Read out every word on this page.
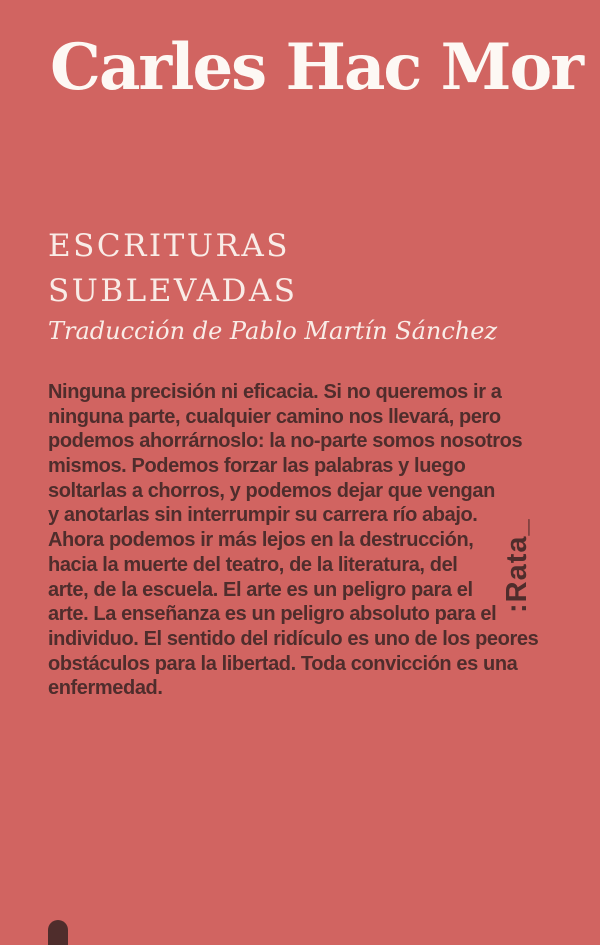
Carles Hac Mor
ESCRITURAS
SUBLEVADAS
Traducción de Pablo Martín Sánchez
Ninguna precisión ni eficacia. Si no queremos ir a
ninguna parte, cualquier camino nos llevará, pero
podemos ahorrárnoslo: la no-parte somos nosotros
mismos. Podemos forzar las palabras y luego
soltarlas a chorros, y podemos dejar que vengan
y anotarlas sin interrumpir su carrera río abajo.
Ahora podemos ir más lejos en la destrucción,
hacia la muerte del teatro, de la literatura, del
arte, de la escuela. El arte es un peligro para el
arte. La enseñanza es un peligro absoluto para el
individuo. El sentido del ridículo es uno de los peores
obstáculos para la libertad. Toda convicción es una
enfermedad.
:Rata_
